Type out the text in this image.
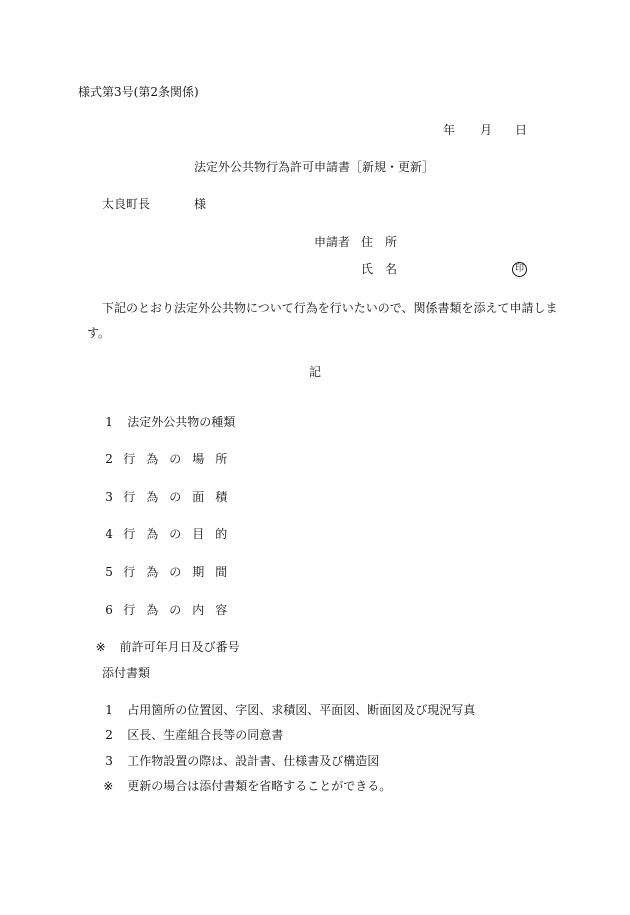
様式第3号(第2条関係)
年 月 日
法定外公共物行為許可申請書［新規・更新］
太良町長	様
申請者 住　所
氏　名	印
下記のとおり法定外公共物について行為を行いたいので、関係書類を添えて申請しま
す。
記

1 法定外公共物の種類

2 行為の場所

3 行為の面積

4 行為の目的

5 行為の期間

6 行為の内容

※ 前許可年月日及び番号

添付書類

1 占用箇所の位置図、字図、求積図、平面図、断面図及び現況写真

2 区長、生産組合長等の同意書

3 工作物設置の際は、設計書、仕様書及び構造図

※ 更新の場合は添付書類を省略することができる。
